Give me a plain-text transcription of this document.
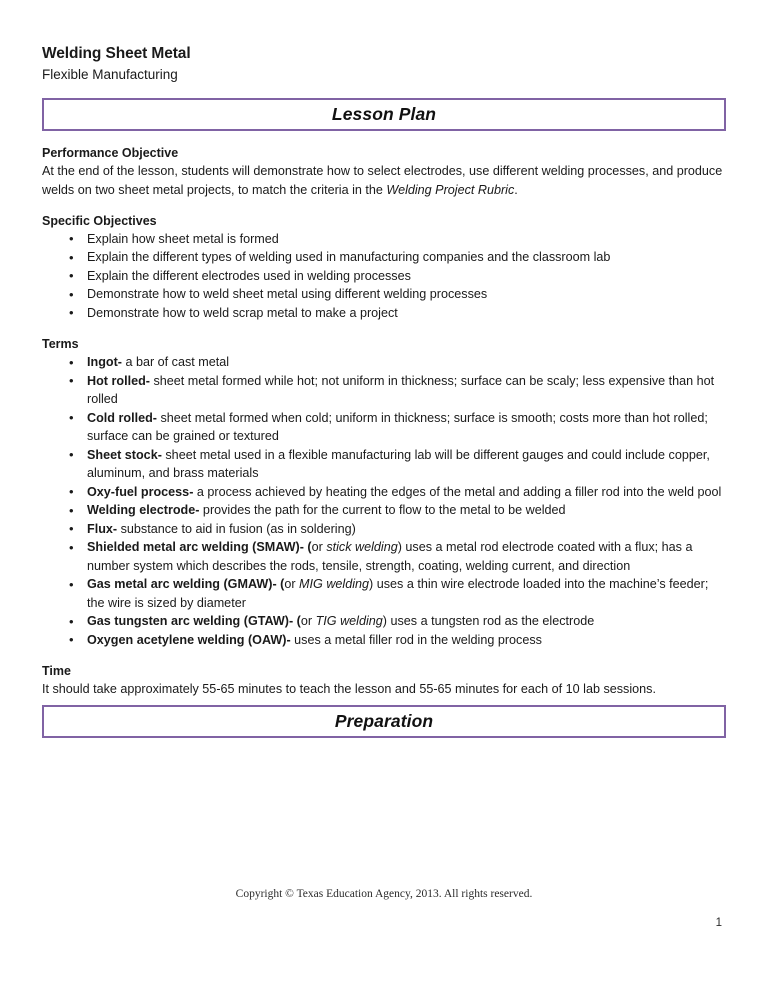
Welding Sheet Metal
Flexible Manufacturing
Lesson Plan
Performance Objective

At the end of the lesson, students will demonstrate how to select electrodes, use different welding processes, and produce welds on two sheet metal projects, to match the criteria in the Welding Project Rubric.

Specific Objectives
• Explain how sheet metal is formed
• Explain the different types of welding used in manufacturing companies and the classroom lab
• Explain the different electrodes used in welding processes
• Demonstrate how to weld sheet metal using different welding processes
• Demonstrate how to weld scrap metal to make a project
Terms
• Ingot- a bar of cast metal
• Hot rolled- sheet metal formed while hot; not uniform in thickness; surface can be scaly; less expensive than hot rolled
• Cold rolled- sheet metal formed when cold; uniform in thickness; surface is smooth; costs more than hot rolled; surface can be grained or textured
• Sheet stock- sheet metal used in a flexible manufacturing lab will be different gauges and could include copper, aluminum, and brass materials
• Oxy-fuel process- a process achieved by heating the edges of the metal and adding a filler rod into the weld pool
• Welding electrode- provides the path for the current to flow to the metal to be welded
• Flux- substance to aid in fusion (as in soldering)
• Shielded metal arc welding (SMAW)- (or stick welding) uses a metal rod electrode coated with a flux; has a number system which describes the rods, tensile, strength, coating, welding current, and direction
• Gas metal arc welding (GMAW)- (or MIG welding) uses a thin wire electrode loaded into the machine’s feeder; the wire is sized by diameter
• Gas tungsten arc welding (GTAW)- (or TIG welding) uses a tungsten rod as the electrode
• Oxygen acetylene welding (OAW)- uses a metal filler rod in the welding process
Time

It should take approximately 55-65 minutes to teach the lesson and 55-65 minutes for each of 10 lab sessions.

Preparation
Copyright © Texas Education Agency, 2013. All rights reserved.
1
